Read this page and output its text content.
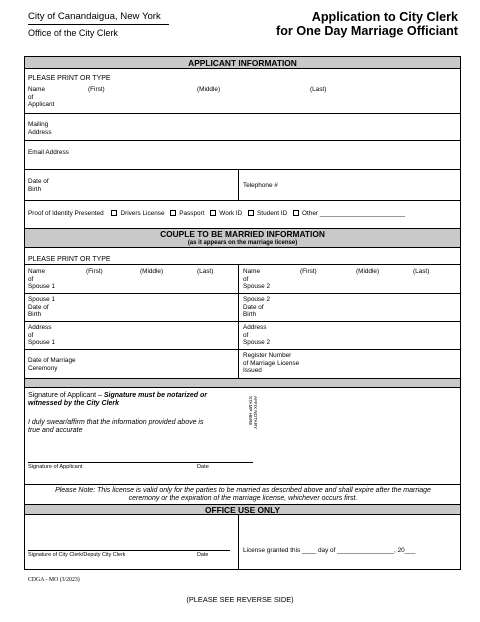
City of Canandaigua, New York
Office of the City Clerk
Application to City Clerk
for One Day Marriage Officiant
APPLICANT INFORMATION
PLEASE PRINT OR TYPE
Name
of
Applicant
(First)	(Middle)	(Last)
Mailing
Address
Email Address
Date of
Birth
Telephone #
Proof of Identity Presented	Drivers License Passport Work ID Student ID Other ________________________
COUPLE TO BE MARRIED INFORMATION
(as it appears on the marriage license)
PLEASE PRINT OR TYPE
Name
of
Spouse 1
(First)	(Middle)	(Last)	Name
of
Spouse 2
(First)	(Middle)	(Last)
Spouse 1
Date of
Birth
Spouse 2
Date of
Birth
Address
of
Spouse 1
Address
of
Spouse 2
Date of Marriage
Ceremony
Register Number
of Marriage License
Issued
Signature of Applicant – Signature must be notarized or
witnessed by the City Clerk
I duly swear/affirm that the information provided above is
true and accurate
AFFIX NOTARY
STAMP HERE
Signature of Applicant	Date
Please Note: This license is valid only for the parties to be married as described above and shall expire after the marriage
ceremony or the expiration of the marriage license, whichever occurs first.
OFFICE USE ONLY
Signature of City Clerk/Deputy City Clerk	Date
License granted this ____ day of ________________, 20___
CDGA - MO (3/2023)
(PLEASE SEE REVERSE SIDE)
